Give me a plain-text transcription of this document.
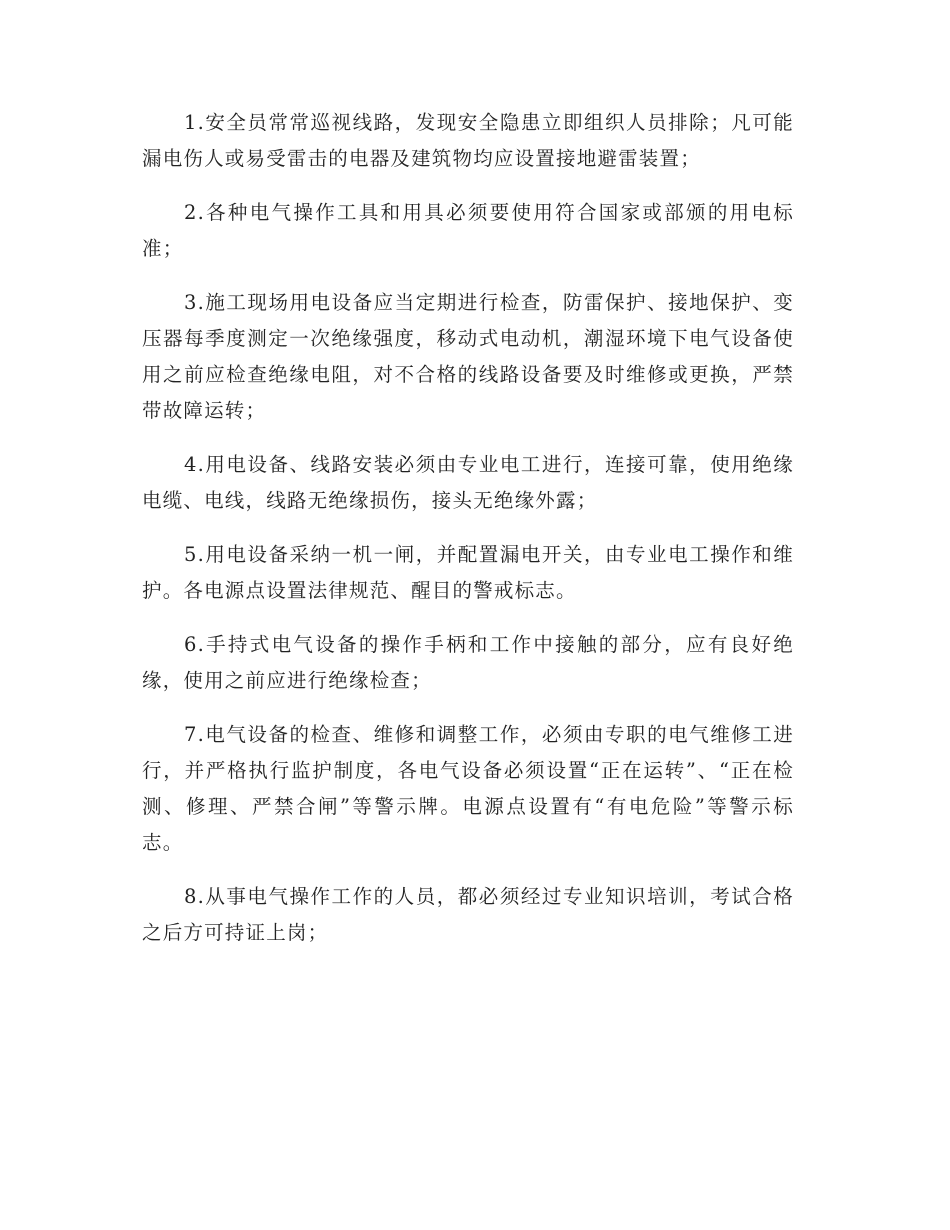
1.安全员常常巡视线路，发现安全隐患立即组织人员排除；凡可能漏电伤人或易受雷击的电器及建筑物均应设置接地避雷装置；

2.各种电气操作工具和用具必须要使用符合国家或部颁的用电标准；

3.施工现场用电设备应当定期进行检查，防雷保护、接地保护、变压器每季度测定一次绝缘强度，移动式电动机，潮湿环境下电气设备使用之前应检查绝缘电阻，对不合格的线路设备要及时维修或更换，严禁带故障运转；

4.用电设备、线路安装必须由专业电工进行，连接可靠，使用绝缘电缆、电线，线路无绝缘损伤，接头无绝缘外露；

5.用电设备采纳一机一闸，并配置漏电开关，由专业电工操作和维护。各电源点设置法律规范、醒目的警戒标志。

6.手持式电气设备的操作手柄和工作中接触的部分，应有良好绝缘，使用之前应进行绝缘检查；

7.电气设备的检查、维修和调整工作，必须由专职的电气维修工进行，并严格执行监护制度，各电气设备必须设置“正在运转”、“正在检测、修理、严禁合闸”等警示牌。电源点设置有“有电危险”等警示标志。

8.从事电气操作工作的人员，都必须经过专业知识培训，考试合格之后方可持证上岗；
